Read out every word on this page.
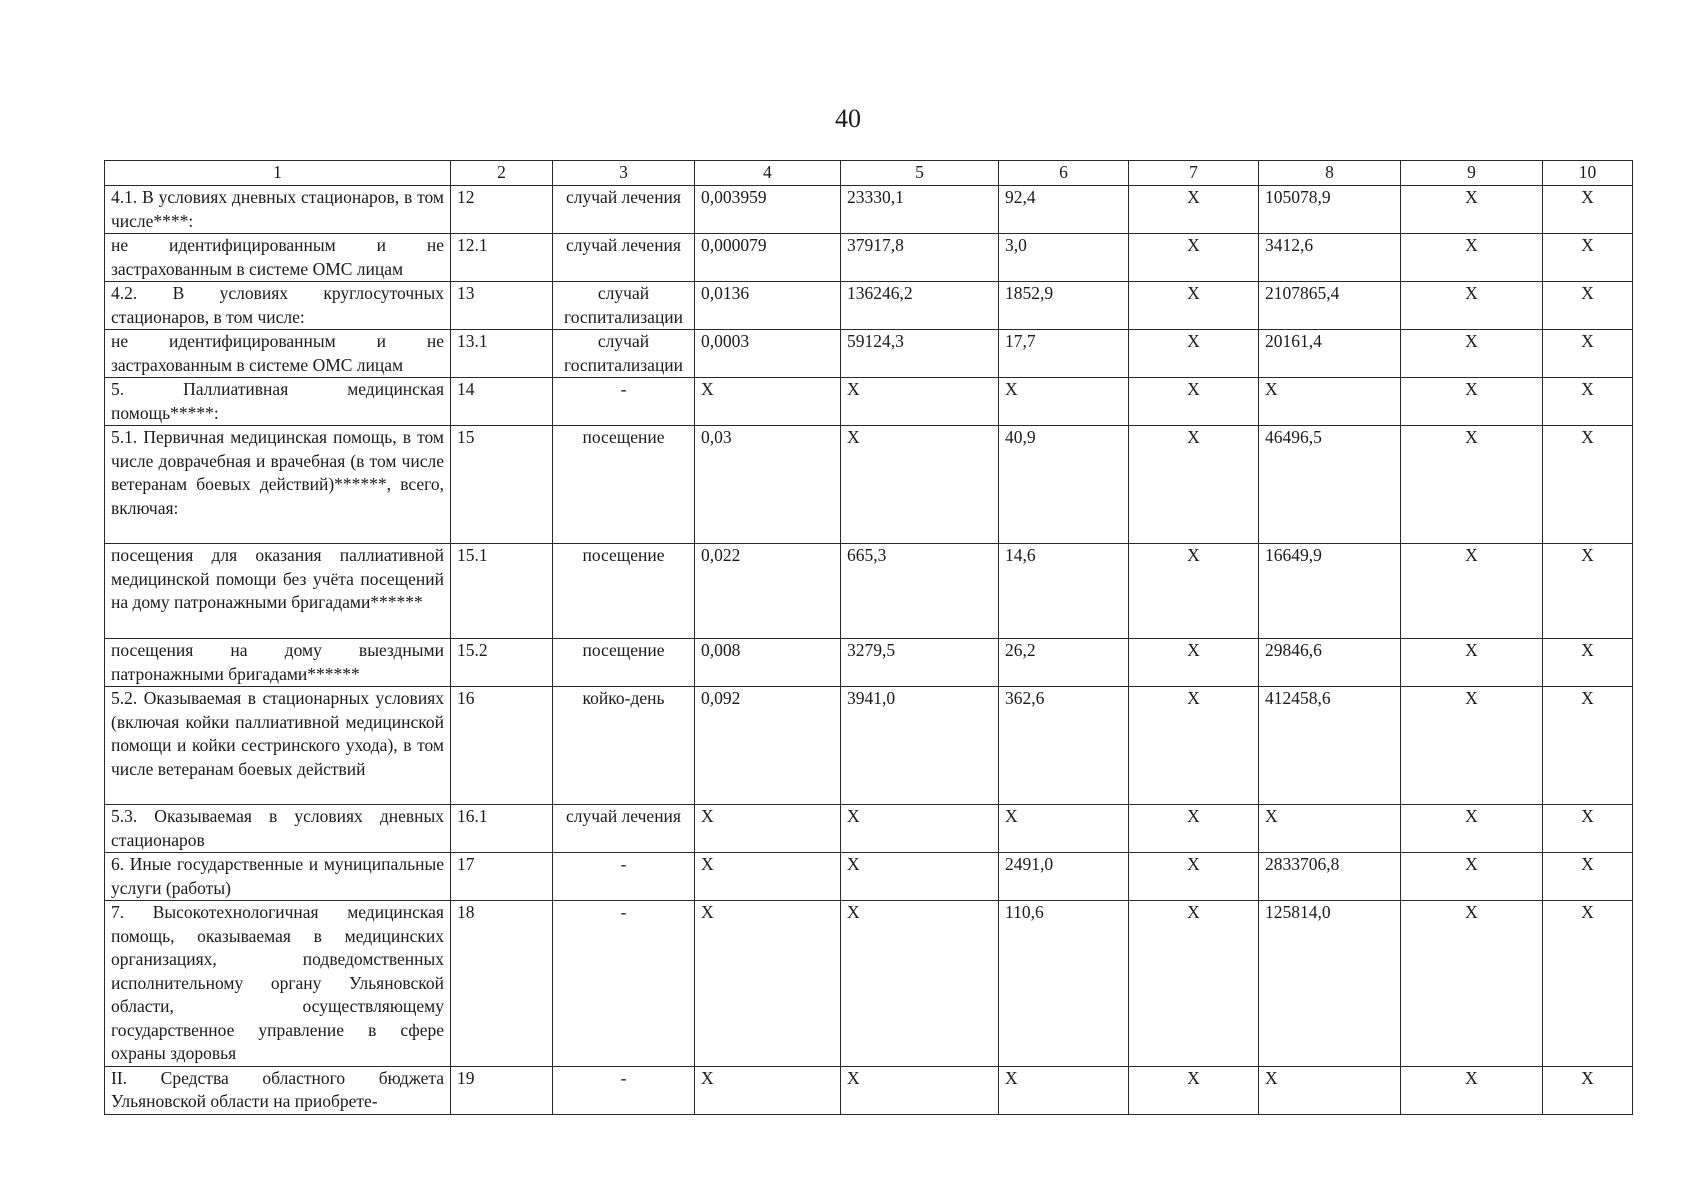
40
1	2	3	4	5	6	7	8	9	10
4.1. В условиях дневных стационаров, в том числе****:	12	случай лечения	0,003959	23330,1	92,4	X	105078,9	X	X
не идентифицированным и не застрахованным в системе ОМС лицам	12.1	случай лечения	0,000079	37917,8	3,0	X	3412,6	X	X
4.2. В условиях круглосуточных стационаров, в том числе:	13	случай госпитализации	0,0136	136246,2	1852,9	X	2107865,4	X	X
не идентифицированным и не застрахованным в системе ОМС лицам	13.1	случай госпитализации	0,0003	59124,3	17,7	X	20161,4	X	X
5. Паллиативная медицинская помощь*****:	14	-	X	X	X	X	X	X	X
5.1. Первичная медицинская помощь, в том числе доврачебная и врачебная (в том числе ветеранам боевых действий)******, всего, включая:	15	посещение	0,03	X	40,9	X	46496,5	X	X
посещения для оказания паллиативной медицинской помощи без учёта посещений на дому патронажными бригадами******	15.1	посещение	0,022	665,3	14,6	X	16649,9	X	X
посещения на дому выездными патронажными бригадами******	15.2	посещение	0,008	3279,5	26,2	X	29846,6	X	X
5.2. Оказываемая в стационарных условиях (включая койки паллиативной медицинской помощи и койки сестринского ухода), в том числе ветеранам боевых действий	16	койко-день	0,092	3941,0	362,6	X	412458,6	X	X
5.3. Оказываемая в условиях дневных стационаров	16.1	случай лечения	X	X	X	X	X	X	X
6. Иные государственные и муниципальные услуги (работы)	17	-	X	X	2491,0	X	2833706,8	X	X
7. Высокотехнологичная медицинская помощь, оказываемая в медицинских организациях, подведомственных исполнительному органу Ульяновской области, осуществляющему государственное управление в сфере охраны здоровья	18	-	X	X	110,6	X	125814,0	X	X
II. Средства областного бюджета Ульяновской области на приобрете-	19	-	X	X	X	X	X	X	X
